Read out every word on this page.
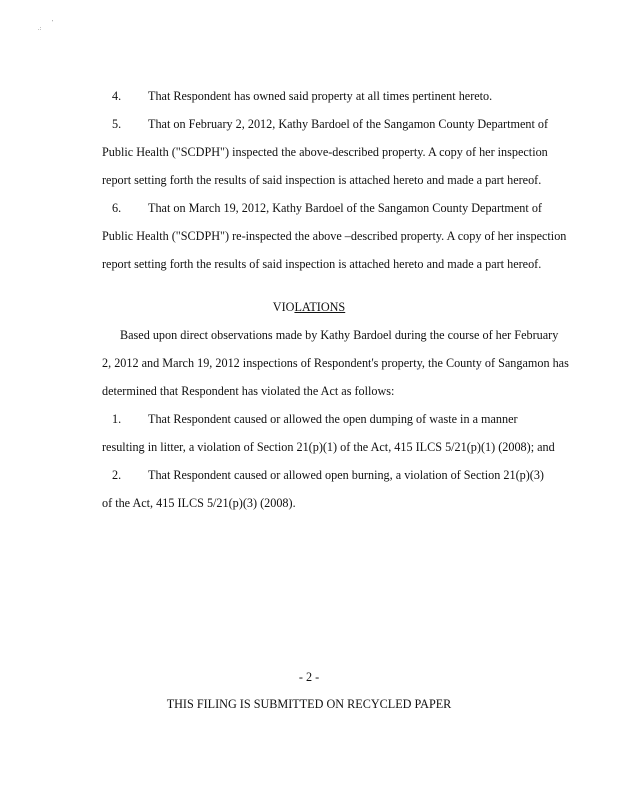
'
.:
4. That Respondent has owned said property at all times pertinent hereto.
5. That on February 2, 2012, Kathy Bardoel of the Sangamon County Department of
Public Health ("SCDPH") inspected the above-described property. A copy of her inspection
report setting forth the results of said inspection is attached hereto and made a part hereof.
6. That on March 19, 2012, Kathy Bardoel of the Sangamon County Department of
Public Health ("SCDPH") re-inspected the above –described property. A copy of her inspection
report setting forth the results of said inspection is attached hereto and made a part hereof.
VIOLATIONS
Based upon direct observations made by Kathy Bardoel during the course of her February
2, 2012 and March 19, 2012 inspections of Respondent's property, the County of Sangamon has
determined that Respondent has violated the Act as follows:
1. That Respondent caused or allowed the open dumping of waste in a manner
resulting in litter, a violation of Section 21(p)(1) of the Act, 415 ILCS 5/21(p)(1) (2008); and
2. That Respondent caused or allowed open burning, a violation of Section 21(p)(3)
of the Act, 415 ILCS 5/21(p)(3) (2008).
- 2 -
THIS FILING IS SUBMITTED ON RECYCLED PAPER
